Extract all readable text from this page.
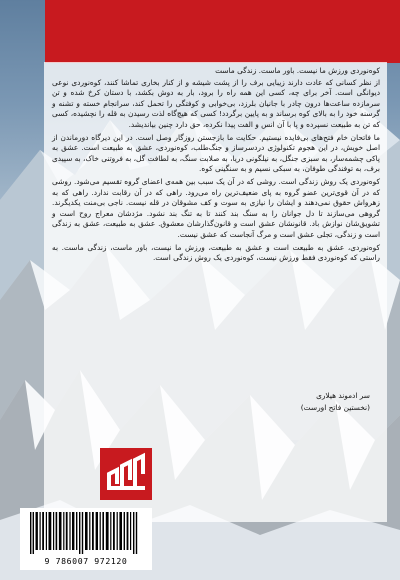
کوه‌نوردی ورزش ما نیست. باور ماست. زندگی ماست

از نظر کسانی که عادت دارند زیبایی برف را از پشت شیشه و از کنار بخاری تماشا کنند، کوه‌نوردی نوعی دیوانگی است. آخر برای چه، کسی این همه راه را برود، بار به دوش بکشد، با دستان کرخ شده و تن سرمازده ساعت‌ها درون چادر با جانیان بلرزد، بی‌خوابی و کوفتگی را تحمل کند، سرانجام خسته و تشنه و گرسنه خود را به بالای کوه برساند و به پایین برگردد! کسی که هیچ‌گاه لذت رسیدن به قله را نچشیده، کسی که تن به طبیعت نسپرده و پا با آن انس و الفت پیدا نکرده، حق دارد چنین بیاندیشد.

ما فاتحان خام فتح‌های بی‌فایده نیستیم. حکایت ما بازجستن روزگار وصل است. در این دیرگاه دورماندن از اصل خویش، در این هجوم تکنولوژی دردسرساز و جنگ‌طلب، کوه‌نوردی، عشق به طبیعت است. عشق به پاکی چشمه‌سار، به سبزی جنگل، به نیلگونی دریا، به صلابت سنگ، به لطافت گل، به فروتنی خاک، به سپیدی برف، به توفندگی طوفان، به سبکی نسیم و به سنگینی کوه.

کوه‌نوردی یک روش زندگی است. روشی که در آن یک سبب بین همه‌ی اعضای گروه تقسیم می‌شود. روشی که در آن قوی‌ترین عضو گروه به پای ضعیف‌ترین راه می‌رود. راهی که در آن رقابت ندارد. راهی که به زهرواش حقوق نمی‌دهند و ایشان را نیازی به سوت و کف مشوقان در قله نیست. ناجی بی‌منت یکدیگرند. گروهی می‌سازند تا دل جوانان را به سنگ بند کنند تا به تنگ بند نشود. مژدشان معراج روح است و تشویق‌شان نوازش باد. قانونشان عشق است و قانون‌گذارشان معشوق. عشق به طبیعت، عشق به زندگی است و زندگی، تجلی عشق است و مرگ آنجاست که عشق نیست.

کوه‌نوردی، عشق به طبیعت است و عشق به طبیعت، ورزش ما نیست، باور ماست، زندگی ماست. به راستی که کوه‌نوردی فقط ورزش نیست، کوه‌نوردی یک روش زندگی است.

سر ادموند هیلاری
(نخستین فاتح اورست)
9 786007 972120
